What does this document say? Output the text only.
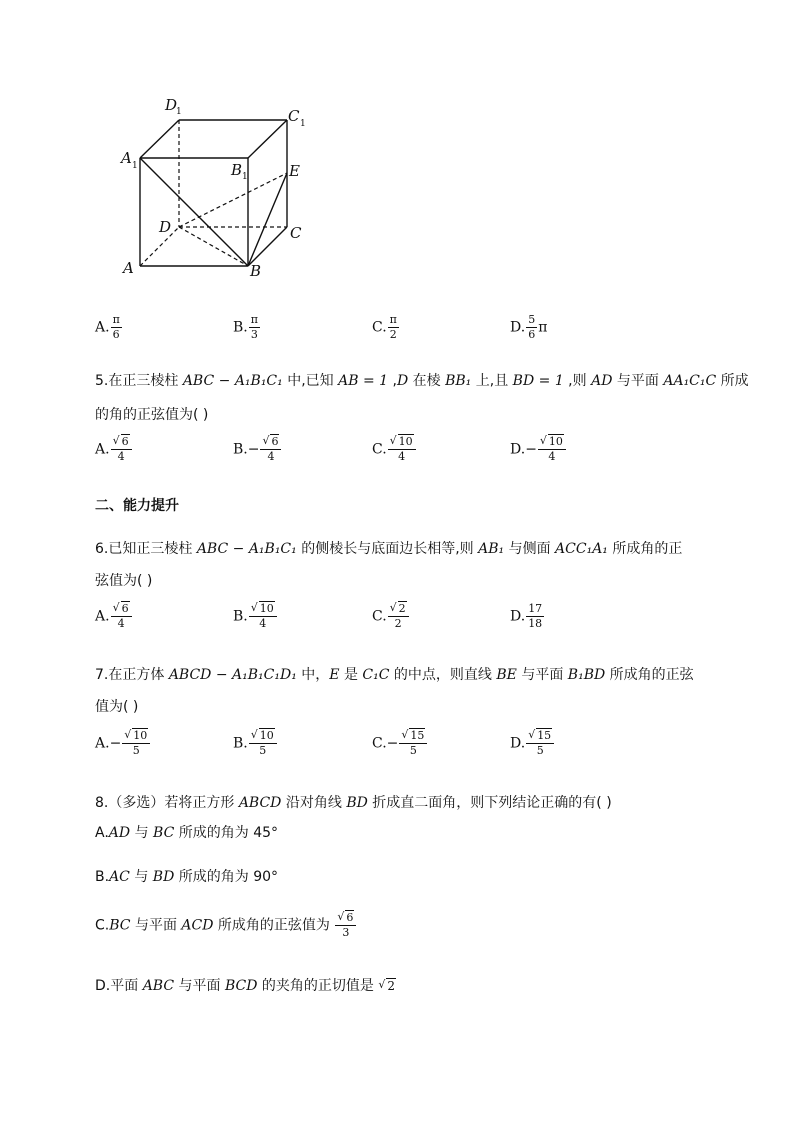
D
1	C 1
A 1	B 1	E
D	C
A	B
A. $\frac{\pi}{6}$	B. $\frac{\pi}{3}$	C. $\frac{\pi}{2}$	D. $\frac{5}{6}$ π
5.在正三棱柱 ABC − A₁B₁C₁ 中,已知 AB = 1 ,D 在棱 BB₁ 上,且 BD = 1 ,则 AD 与平面 AA₁C₁C 所成
的角的正弦值为( )
A. √ $\frac{6}{4}$	B.− √ $\frac{6}{4}$	C. √ $\frac{10}{4}$	D.− √ $\frac{10}{4}$
二、能力提升
6.已知正三棱柱 ABC − A₁B₁C₁ 的侧棱长与底面边长相等,则 AB₁ 与侧面 ACC₁A₁ 所成角的正
弦值为( )
A. √ $\frac{6}{4}$	B. √ $\frac{10}{4}$	C. √ $\frac{2}{2}$	D. $\frac{17}{18}$
7.在正方体 ABCD − A₁B₁C₁D₁ 中，E 是 C₁C 的中点，则直线 BE 与平面 B₁BD 所成角的正弦
值为( )
A.− √ $\frac{10}{5}$	B. √ $\frac{10}{5}$	C.− √ $\frac{15}{5}$	D. √ $\frac{15}{5}$
8.（多选）若将正方形 ABCD 沿对角线 BD 折成直二面角，则下列结论正确的有( )
A.AD 与 BC 所成的角为 45°
B.AC 与 BD 所成的角为 90°
C.BC 与平面 ACD 所成角的正弦值为 √ $\frac{6}{3}$
D.平面 ABC 与平面 BCD 的夹角的正切值是 √ 2
